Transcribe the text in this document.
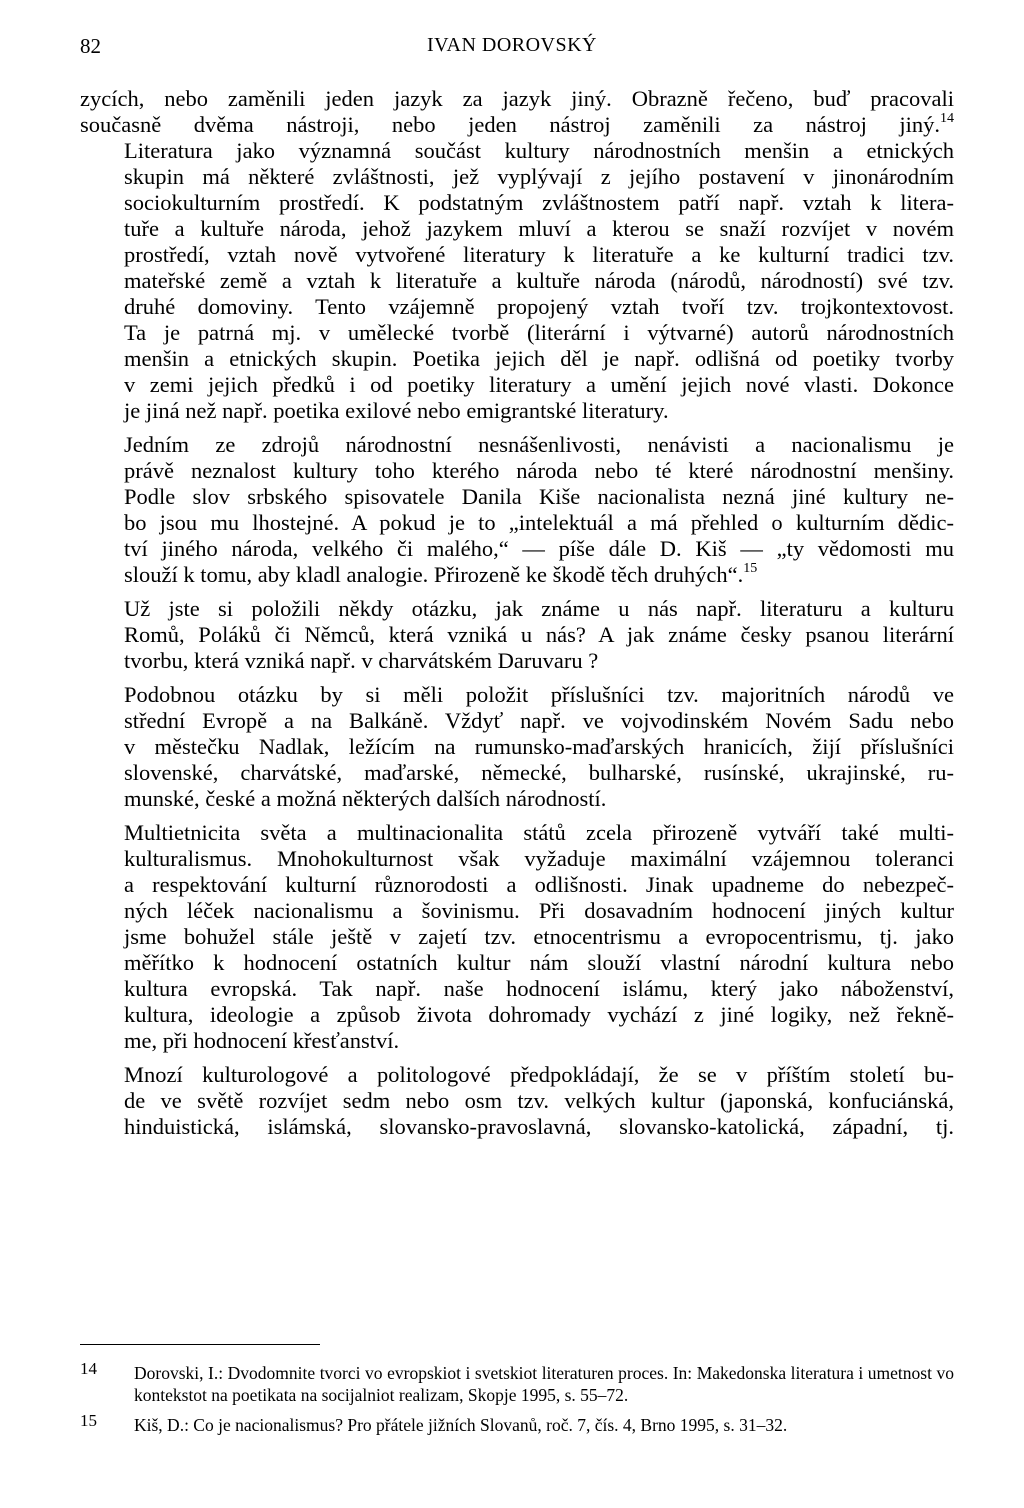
82	IVAN DOROVSKÝ

zycích, nebo zaměnili jeden jazyk za jazyk jiný. Obrazně řečeno, buď pracovali
současně dvěma nástroji, nebo jeden nástroj zaměnili za nástroj jiný.$^{14}$

Literatura jako významná součást kultury národnostních menšin a etnických
skupin má některé zvláštnosti, jež vyplývají z jejího postavení v jinonárodním
sociokulturním prostředí. K podstatným zvláštnostem patří např. vztah k litera-
tuře a kultuře národa, jehož jazykem mluví a kterou se snaží rozvíjet v novém
prostředí, vztah nově vytvořené literatury k literatuře a ke kulturní tradici tzv.
mateřské země a vztah k literatuře a kultuře národa (národů, národností) své tzv.
druhé domoviny. Tento vzájemně propojený vztah tvoří tzv. trojkontextovost.
Ta je patrná mj. v umělecké tvorbě (literární i výtvarné) autorů národnostních
menšin a etnických skupin. Poetika jejich děl je např. odlišná od poetiky tvorby
v zemi jejich předků i od poetiky literatury a umění jejich nové vlasti. Dokonce
je jiná než např. poetika exilové nebo emigrantské literatury.

Jedním ze zdrojů národnostní nesnášenlivosti, nenávisti a nacionalismu je
právě neznalost kultury toho kterého národa nebo té které národnostní menšiny.
Podle slov srbského spisovatele Danila Kiše nacionalista nezná jiné kultury ne-
bo jsou mu lhostejné. A pokud je to „intelektuál a má přehled o kulturním dědic-
tví jiného národa, velkého či malého,“ — píše dále D. Kiš — „ty vědomosti mu
slouží k tomu, aby kladl analogie. Přirozeně ke škodě těch druhých“.$^{15}$

Už jste si položili někdy otázku, jak známe u nás např. literaturu a kulturu
Romů, Poláků či Němců, která vzniká u nás? A jak známe česky psanou literární
tvorbu, která vzniká např. v charvátském Daruvaru ?

Podobnou otázku by si měli položit příslušníci tzv. majoritních národů ve
střední Evropě a na Balkáně. Vždyť např. ve vojvodinském Novém Sadu nebo
v městečku Nadlak, ležícím na rumunsko-maďarských hranicích, žijí příslušníci
slovenské, charvátské, maďarské, německé, bulharské, rusínské, ukrajinské, ru-
munské, české a možná některých dalších národností.

Multietnicita světa a multinacionalita států zcela přirozeně vytváří také multi-
kulturalismus. Mnohokulturnost však vyžaduje maximální vzájemnou toleranci
a respektování kulturní různorodosti a odlišnosti. Jinak upadneme do nebezpeč-
ných léček nacionalismu a šovinismu. Při dosavadním hodnocení jiných kultur
jsme bohužel stále ještě v zajetí tzv. etnocentrismu a evropocentrismu, tj. jako
měřítko k hodnocení ostatních kultur nám slouží vlastní národní kultura nebo
kultura evropská. Tak např. naše hodnocení islámu, který jako náboženství,
kultura, ideologie a způsob života dohromady vychází z jiné logiky, než řekně-
me, při hodnocení křesťanství.

Mnozí kulturologové a politologové předpokládají, že se v příštím století bu-
de ve světě rozvíjet sedm nebo osm tzv. velkých kultur (japonská, konfuciánská,
hinduistická, islámská, slovansko-pravoslavná, slovansko-katolická, západní, tj.

14 Dorovski, I.: Dvodomnite tvorci vo evropskiot i svetskiot literaturen proces. In: Makedonska literatura i umetnost vo kontekstot na poetikata na socijalniot realizam, Skopje 1995, s. 55–72.
15 Kiš, D.: Co je nacionalismus? Pro přátele jižních Slovanů, roč. 7, čís. 4, Brno 1995, s. 31–32.
